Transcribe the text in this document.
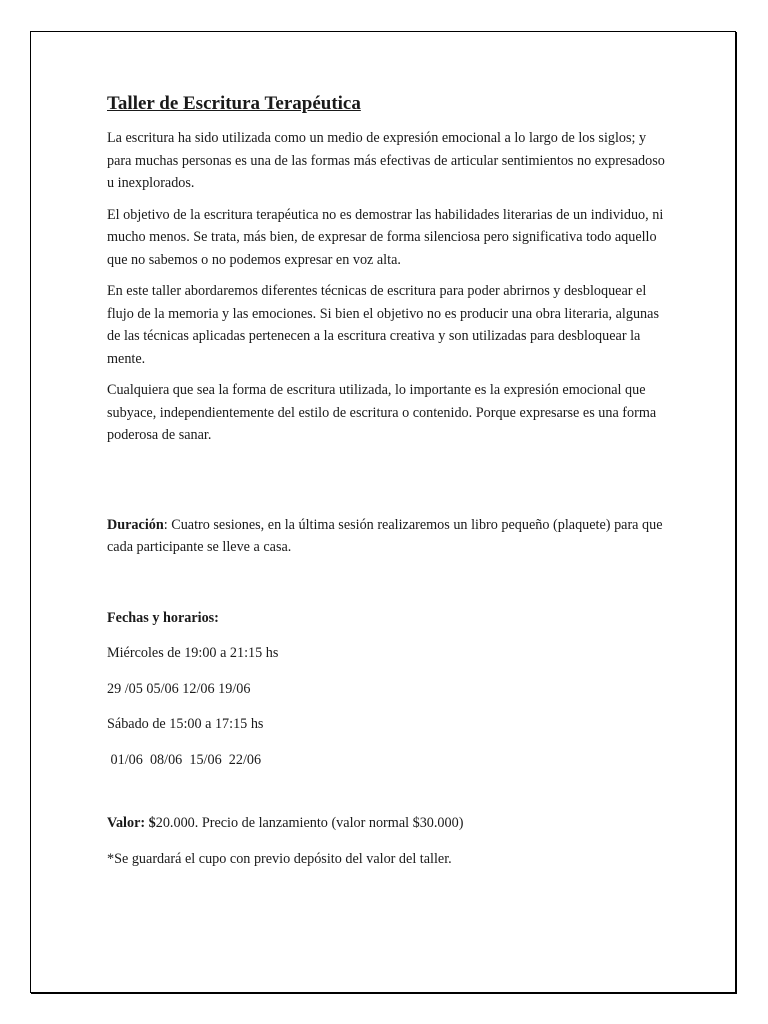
Taller de Escritura Terapéutica

La escritura ha sido utilizada como un medio de expresión emocional a lo largo de los siglos; y para muchas personas es una de las formas más efectivas de articular sentimientos no expresadoso u inexplorados.

El objetivo de la escritura terapéutica no es demostrar las habilidades literarias de un individuo, ni mucho menos. Se trata, más bien, de expresar de forma silenciosa pero significativa todo aquello que no sabemos o no podemos expresar en voz alta.

En este taller abordaremos diferentes técnicas de escritura para poder abrirnos y desbloquear el flujo de la memoria y las emociones. Si bien el objetivo no es producir una obra literaria, algunas de las técnicas aplicadas pertenecen a la escritura creativa y son utilizadas para desbloquear la mente.

Cualquiera que sea la forma de escritura utilizada, lo importante es la expresión emocional que subyace, independientemente del estilo de escritura o contenido. Porque expresarse es una forma poderosa de sanar.

Duración: Cuatro sesiones, en la última sesión realizaremos un libro pequeño (plaquete) para que cada participante se lleve a casa.

Fechas y horarios:
Miércoles de 19:00 a 21:15 hs
29 /05 05/06 12/06 19/06
Sábado de 15:00 a 17:15 hs
01/06  08/06  15/06  22/06
Valor: $20.000. Precio de lanzamiento (valor normal $30.000)
*Se guardará el cupo con previo depósito del valor del taller.
